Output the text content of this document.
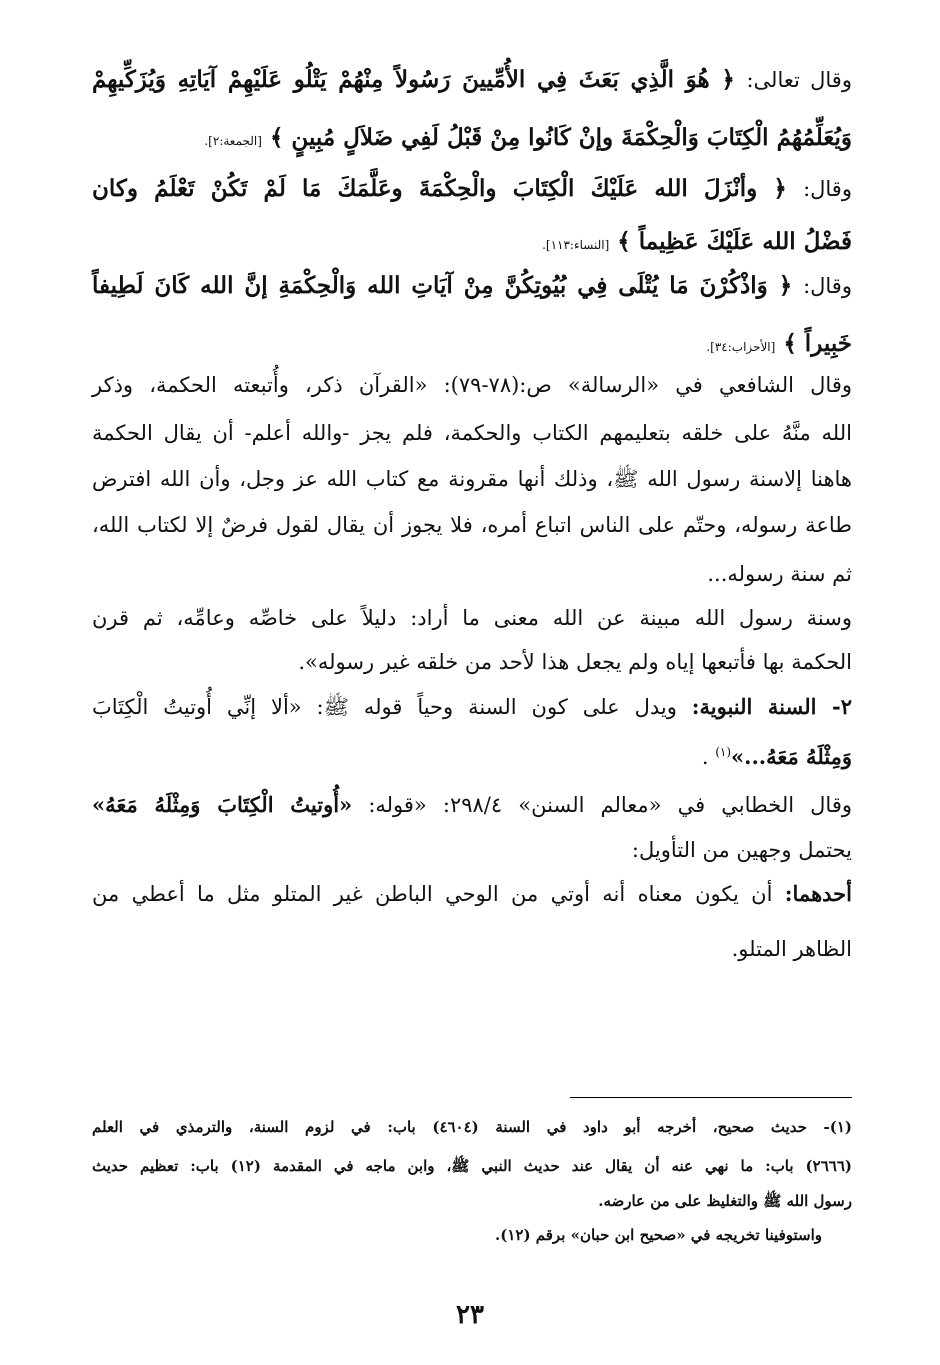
وقال تعالى: ﴿ هُوَ الَّذِي بَعَثَ فِي الأُمِّيينَ رَسُولاً مِنْهُمْ يَتْلُو عَلَيْهِمْ آيَاتِهِ وَيُزَكِّيهِمْ

وَيُعَلِّمُهُمُ الْكِتَابَ وَالْحِكْمَةَ وإنْ كَانُوا مِنْ قَبْلُ لَفِي ضَلاَلٍ مُبِينٍ ﴾ [الجمعة:٢].

وقال: ﴿ وأنْزَلَ الله عَلَيْكَ الْكِتَابَ والْحِكْمَةَ وعَلَّمَكَ مَا لَمْ تَكُنْ تَعْلَمُ وكان

فَضْلُ الله عَلَيْكَ عَظِيماً ﴾ [النساء:١١٣].

وقال: ﴿ وَاذْكُرْنَ مَا يُتْلَى فِي بُيُوتِكُنَّ مِنْ آيَاتِ الله وَالْحِكْمَةِ إنَّ الله كَانَ لَطِيفاً

خَبِيراً ﴾ [الأحزاب:٣٤].

وقال الشافعي في «الرسالة» ص:(٧٨-٧٩): «القرآن ذكر، وأُتبعته الحكمة، وذكر

الله منَّهُ على خلقه بتعليمهم الكتاب والحكمة، فلم يجز -والله أعلم- أن يقال الحكمة

هاهنا إلاسنة رسول الله ﷺ، وذلك أنها مقرونة مع كتاب الله عز وجل، وأن الله افترض

طاعة رسوله، وحتّم على الناس اتباع أمره، فلا يجوز أن يقال لقول فرضٌ إلا لكتاب الله،

ثم سنة رسوله...

وسنة رسول الله مبينة عن الله معنى ما أراد: دليلاً على خاصِّه وعامِّه، ثم قرن

الحكمة بها فأتبعها إياه ولم يجعل هذا لأحد من خلقه غير رسوله».

٢- السنة النبوية: ويدل على كون السنة وحياً قوله ﷺ: «ألا إنِّي أُوتيتُ الْكِتَابَ

وَمِثْلَهُ مَعَهُ...»$^{(١)}$ .

وقال الخطابي في «معالم السنن» ٢٩٨/٤: «قوله: «أُوتيتُ الْكِتَابَ وَمِثْلَهُ مَعَهُ»

يحتمل وجهين من التأويل:

أحدهما: أن يكون معناه أنه أوتي من الوحي الباطن غير المتلو مثل ما أعطي من

الظاهر المتلو.

(١)- حديث صحيح، أخرجه أبو داود في السنة (٤٦٠٤) باب: في لزوم السنة، والترمذي في العلم

(٢٦٦٦) باب: ما نهي عنه أن يقال عند حديث النبي ﷺ، وابن ماجه في المقدمة (١٢) باب: تعظيم حديث

رسول الله ﷺ والتغليظ على من عارضه.

واستوفينا تخريجه في «صحيح ابن حبان» برقم (١٢).

٢٣
